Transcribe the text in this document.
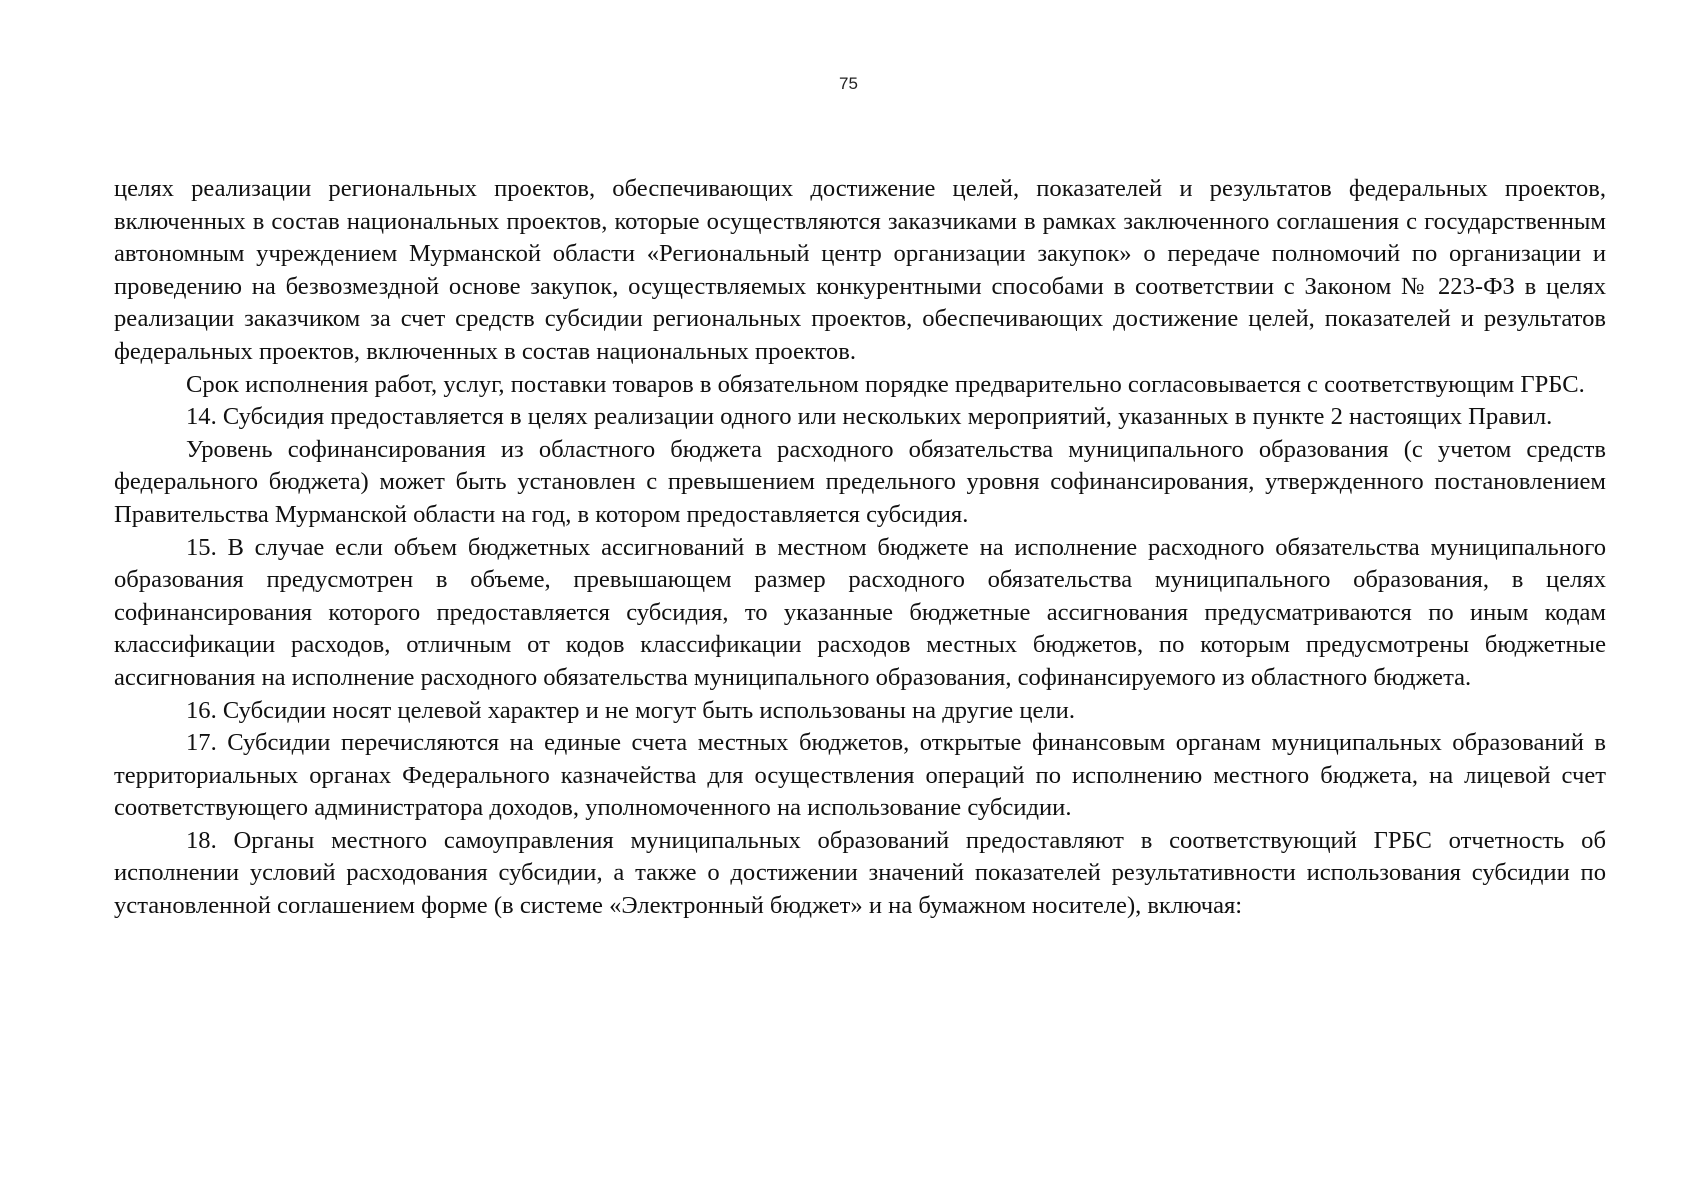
75

целях реализации региональных проектов, обеспечивающих достижение целей, показателей и результатов федеральных проектов, включенных в состав национальных проектов, которые осуществляются заказчиками в рамках заключенного соглашения с государственным автономным учреждением Мурманской области «Региональный центр организации закупок» о передаче полномочий по организации и проведению на безвозмездной основе закупок, осуществляемых конкурентными способами в соответствии с Законом № 223-ФЗ в целях реализации заказчиком за счет средств субсидии региональных проектов, обеспечивающих достижение целей, показателей и результатов федеральных проектов, включенных в состав национальных проектов.

Срок исполнения работ, услуг, поставки товаров в обязательном порядке предварительно согласовывается с соответствующим ГРБС.

14. Субсидия предоставляется в целях реализации одного или нескольких мероприятий, указанных в пункте 2 настоящих Правил.

Уровень софинансирования из областного бюджета расходного обязательства муниципального образования (с учетом средств федерального бюджета) может быть установлен с превышением предельного уровня софинансирования, утвержденного постановлением Правительства Мурманской области на год, в котором предоставляется субсидия.

15. В случае если объем бюджетных ассигнований в местном бюджете на исполнение расходного обязательства муниципального образования предусмотрен в объеме, превышающем размер расходного обязательства муниципального образования, в целях софинансирования которого предоставляется субсидия, то указанные бюджетные ассигнования предусматриваются по иным кодам классификации расходов, отличным от кодов классификации расходов местных бюджетов, по которым предусмотрены бюджетные ассигнования на исполнение расходного обязательства муниципального образования, софинансируемого из областного бюджета.

16. Субсидии носят целевой характер и не могут быть использованы на другие цели.

17. Субсидии перечисляются на единые счета местных бюджетов, открытые финансовым органам муниципальных образований в территориальных органах Федерального казначейства для осуществления операций по исполнению местного бюджета, на лицевой счет соответствующего администратора доходов, уполномоченного на использование субсидии.

18. Органы местного самоуправления муниципальных образований предоставляют в соответствующий ГРБС отчетность об исполнении условий расходования субсидии, а также о достижении значений показателей результативности использования субсидии по установленной соглашением форме (в системе «Электронный бюджет» и на бумажном носителе), включая:
